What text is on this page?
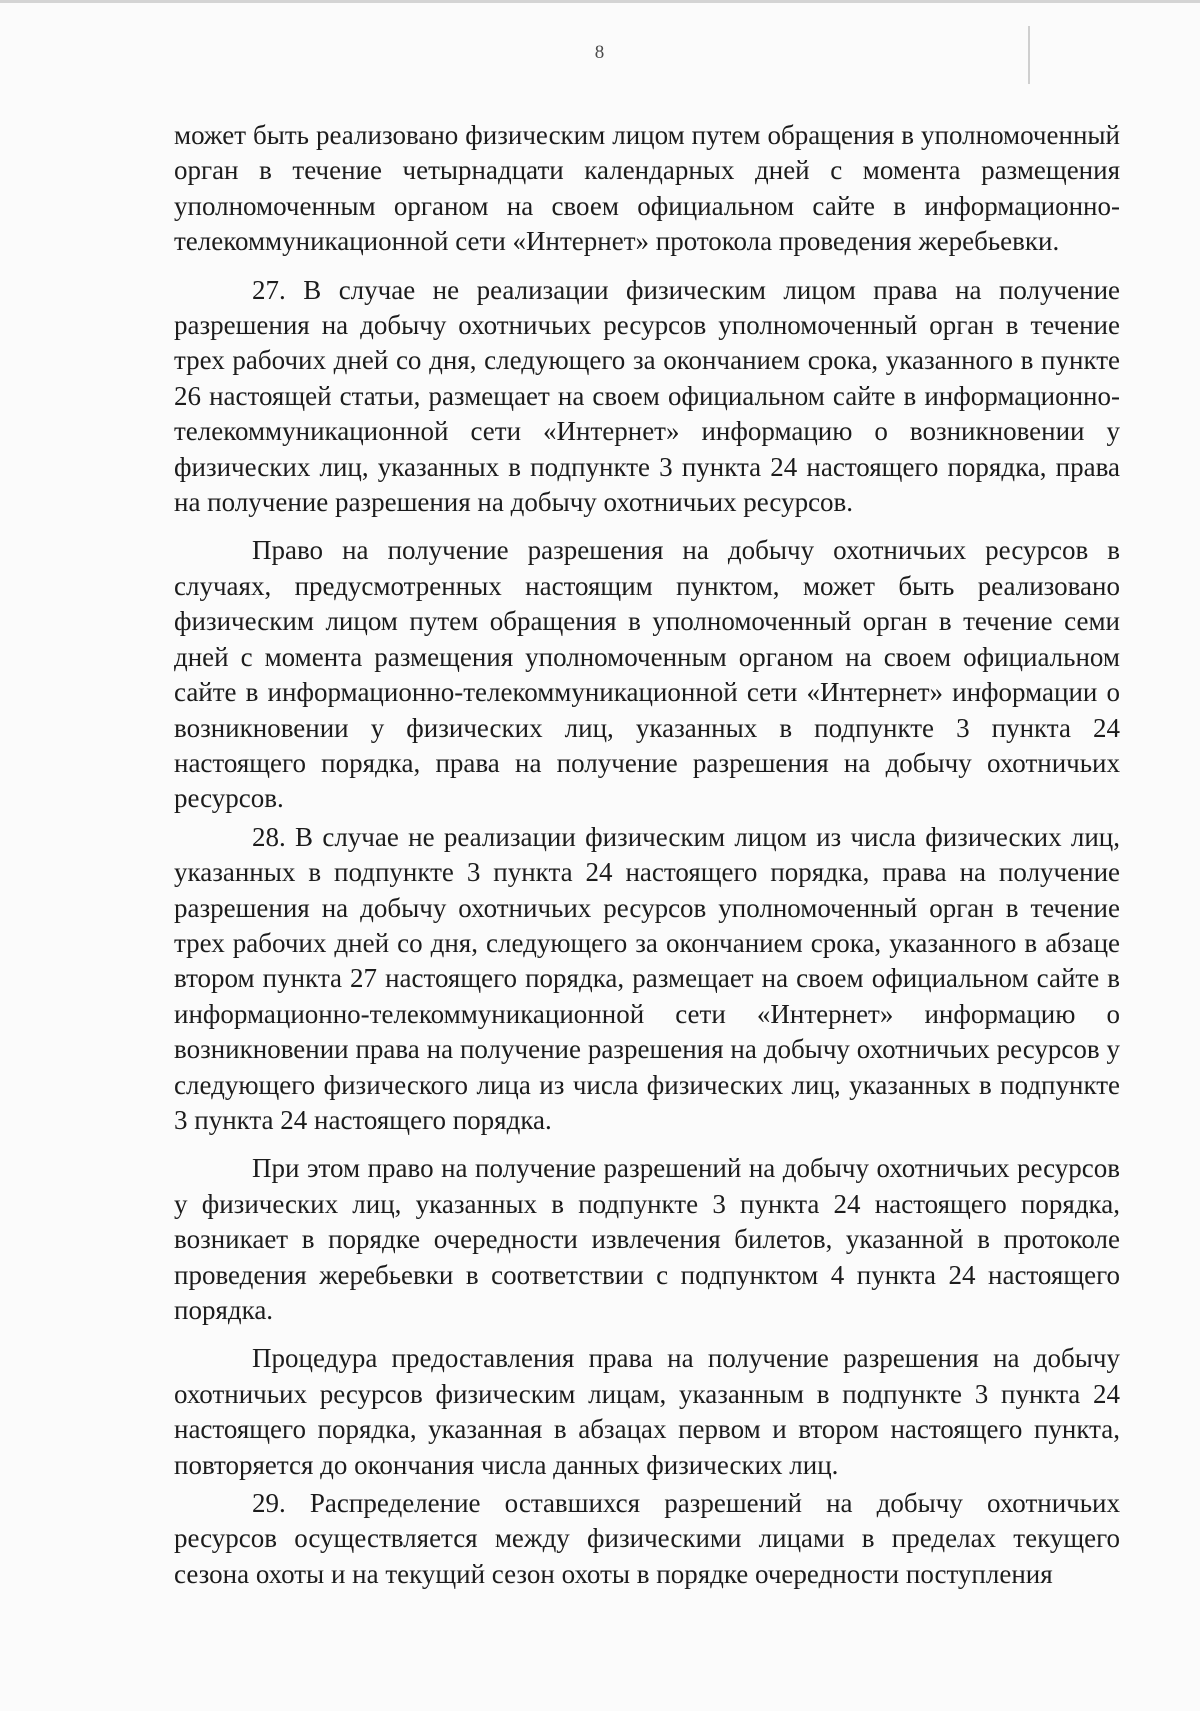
8

может быть реализовано физическим лицом путем обращения в уполномоченный орган в течение четырнадцати календарных дней с момента размещения уполномоченным органом на своем официальном сайте в информационно-телекоммуникационной сети «Интернет» протокола проведения жеребьевки.

27. В случае не реализации физическим лицом права на получение разрешения на добычу охотничьих ресурсов уполномоченный орган в течение трех рабочих дней со дня, следующего за окончанием срока, указанного в пункте 26 настоящей статьи, размещает на своем официальном сайте в информационно-телекоммуникационной сети «Интернет» информацию о возникновении у физических лиц, указанных в подпункте 3 пункта 24 настоящего порядка, права на получение разрешения на добычу охотничьих ресурсов.

Право на получение разрешения на добычу охотничьих ресурсов в случаях, предусмотренных настоящим пунктом, может быть реализовано физическим лицом путем обращения в уполномоченный орган в течение семи дней с момента размещения уполномоченным органом на своем официальном сайте в информационно-телекоммуникационной сети «Интернет» информации о возникновении у физических лиц, указанных в подпункте 3 пункта 24 настоящего порядка, права на получение разрешения на добычу охотничьих ресурсов.

28. В случае не реализации физическим лицом из числа физических лиц, указанных в подпункте 3 пункта 24 настоящего порядка, права на получение разрешения на добычу охотничьих ресурсов уполномоченный орган в течение трех рабочих дней со дня, следующего за окончанием срока, указанного в абзаце втором пункта 27 настоящего порядка, размещает на своем официальном сайте в информационно-телекоммуникационной сети «Интернет» информацию о возникновении права на получение разрешения на добычу охотничьих ресурсов у следующего физического лица из числа физических лиц, указанных в подпункте 3 пункта 24 настоящего порядка.

При этом право на получение разрешений на добычу охотничьих ресурсов у физических лиц, указанных в подпункте 3 пункта 24 настоящего порядка, возникает в порядке очередности извлечения билетов, указанной в протоколе проведения жеребьевки в соответствии с подпунктом 4 пункта 24 настоящего порядка.

Процедура предоставления права на получение разрешения на добычу охотничьих ресурсов физическим лицам, указанным в подпункте 3 пункта 24 настоящего порядка, указанная в абзацах первом и втором настоящего пункта, повторяется до окончания числа данных физических лиц.

29. Распределение оставшихся разрешений на добычу охотничьих ресурсов осуществляется между физическими лицами в пределах текущего сезона охоты и на текущий сезон охоты в порядке очередности поступления
